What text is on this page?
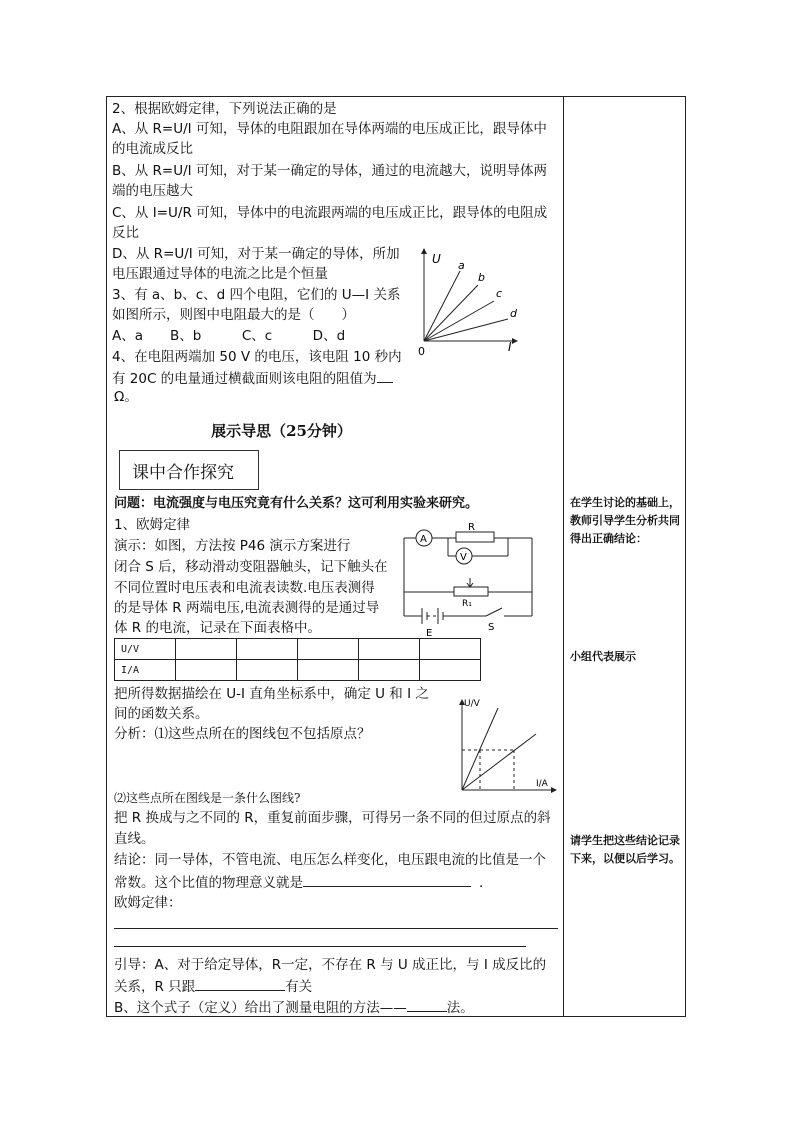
2、根据欧姆定律，下列说法正确的是
A、从 R=U/I 可知，导体的电阻跟加在导体两端的电压成正比，跟导体中
的电流成反比
B、从 R=U/I 可知，对于某一确定的导体，通过的电流越大，说明导体两
端的电压越大
C、从 I=U/R 可知，导体中的电流跟两端的电压成正比，跟导体的电阻成
反比
D、从 R=U/I 可知，对于某一确定的导体，所加
电压跟通过导体的电流之比是个恒量
3、有 a、b、c、d 四个电阻，它们的 U—I 关系
如图所示，则图中电阻最大的是（　　）
A、a　　B、b　　　C、c　　　D、d
4、在电阻两端加 50 V 的电压，该电阻 10 秒内
有 20C 的电量通过横截面则该电阻的阻值为
Ω。
U
I
0
a
b
c
d
展示导思（25分钟）
课中合作探究
问题：电流强度与电压究竟有什么关系？这可利用实验来研究。
1、欧姆定律
演示：如图，方法按 P46 演示方案进行
闭合 S 后，移动滑动变阻器触头，记下触头在
不同位置时电压表和电流表读数.电压表测得
的是导体 R 两端电压,电流表测得的是通过导
体 R 的电流，记录在下面表格中。
A
V
R
R₁
E
S
U/V					
I/A					
把所得数据描绘在 U-I 直角坐标系中，确定 U 和 I 之
间的函数关系。
分析：⑴这些点所在的图线包不包括原点？
U/V
I/A
⑵这些点所在图线是一条什么图线?
把 R 换成与之不同的 R，重复前面步骤，可得另一条不同的但过原点的斜
直线。
结论：同一导体，不管电流、电压怎么样变化，电压跟电流的比值是一个
常数。这个比值的物理意义就是	．
欧姆定律：
引导：A、对于给定导体，R一定，不存在 R 与 U 成正比，与 I 成反比的
关系，R 只跟	有关
B、这个式子（定义）给出了测量电阻的方法——	法。
在学生讨论的基础上，教师引导学生分析共同得出正确结论：
小组代表展示
请学生把这些结论记录下来，以便以后学习。
